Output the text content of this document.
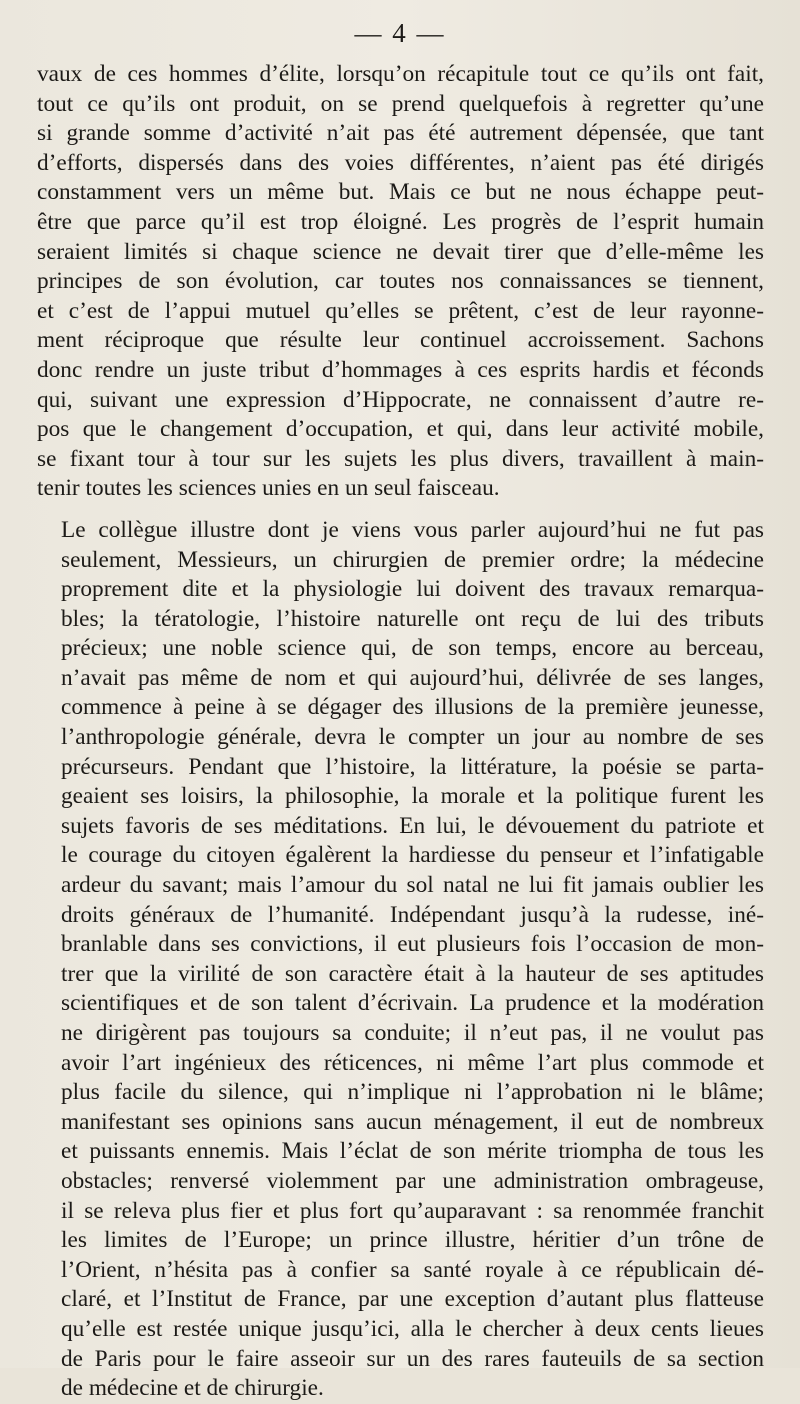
— 4 —

vaux de ces hommes d’élite, lorsqu’on récapitule tout ce qu’ils ont fait,
tout ce qu’ils ont produit, on se prend quelquefois à regretter qu’une
si grande somme d’activité n’ait pas été autrement dépensée, que tant
d’efforts, dispersés dans des voies différentes, n’aient pas été dirigés
constamment vers un même but. Mais ce but ne nous échappe peut-
être que parce qu’il est trop éloigné. Les progrès de l’esprit humain
seraient limités si chaque science ne devait tirer que d’elle-même les
principes de son évolution, car toutes nos connaissances se tiennent,
et c’est de l’appui mutuel qu’elles se prêtent, c’est de leur rayonne-
ment réciproque que résulte leur continuel accroissement. Sachons
donc rendre un juste tribut d’hommages à ces esprits hardis et féconds
qui, suivant une expression d’Hippocrate, ne connaissent d’autre re-
pos que le changement d’occupation, et qui, dans leur activité mobile,
se fixant tour à tour sur les sujets les plus divers, travaillent à main-
tenir toutes les sciences unies en un seul faisceau.

Le collègue illustre dont je viens vous parler aujourd’hui ne fut pas
seulement, Messieurs, un chirurgien de premier ordre; la médecine
proprement dite et la physiologie lui doivent des travaux remarqua-
bles; la tératologie, l’histoire naturelle ont reçu de lui des tributs
précieux; une noble science qui, de son temps, encore au berceau,
n’avait pas même de nom et qui aujourd’hui, délivrée de ses langes,
commence à peine à se dégager des illusions de la première jeunesse,
l’anthropologie générale, devra le compter un jour au nombre de ses
précurseurs. Pendant que l’histoire, la littérature, la poésie se parta-
geaient ses loisirs, la philosophie, la morale et la politique furent les
sujets favoris de ses méditations. En lui, le dévouement du patriote et
le courage du citoyen égalèrent la hardiesse du penseur et l’infatigable
ardeur du savant; mais l’amour du sol natal ne lui fit jamais oublier les
droits généraux de l’humanité. Indépendant jusqu’à la rudesse, iné-
branlable dans ses convictions, il eut plusieurs fois l’occasion de mon-
trer que la virilité de son caractère était à la hauteur de ses aptitudes
scientifiques et de son talent d’écrivain. La prudence et la modération
ne dirigèrent pas toujours sa conduite; il n’eut pas, il ne voulut pas
avoir l’art ingénieux des réticences, ni même l’art plus commode et
plus facile du silence, qui n’implique ni l’approbation ni le blâme;
manifestant ses opinions sans aucun ménagement, il eut de nombreux
et puissants ennemis. Mais l’éclat de son mérite triompha de tous les
obstacles; renversé violemment par une administration ombrageuse,
il se releva plus fier et plus fort qu’auparavant : sa renommée franchit
les limites de l’Europe; un prince illustre, héritier d’un trône de
l’Orient, n’hésita pas à confier sa santé royale à ce républicain dé-
claré, et l’Institut de France, par une exception d’autant plus flatteuse
qu’elle est restée unique jusqu’ici, alla le chercher à deux cents lieues
de Paris pour le faire asseoir sur un des rares fauteuils de sa section
de médecine et de chirurgie.
